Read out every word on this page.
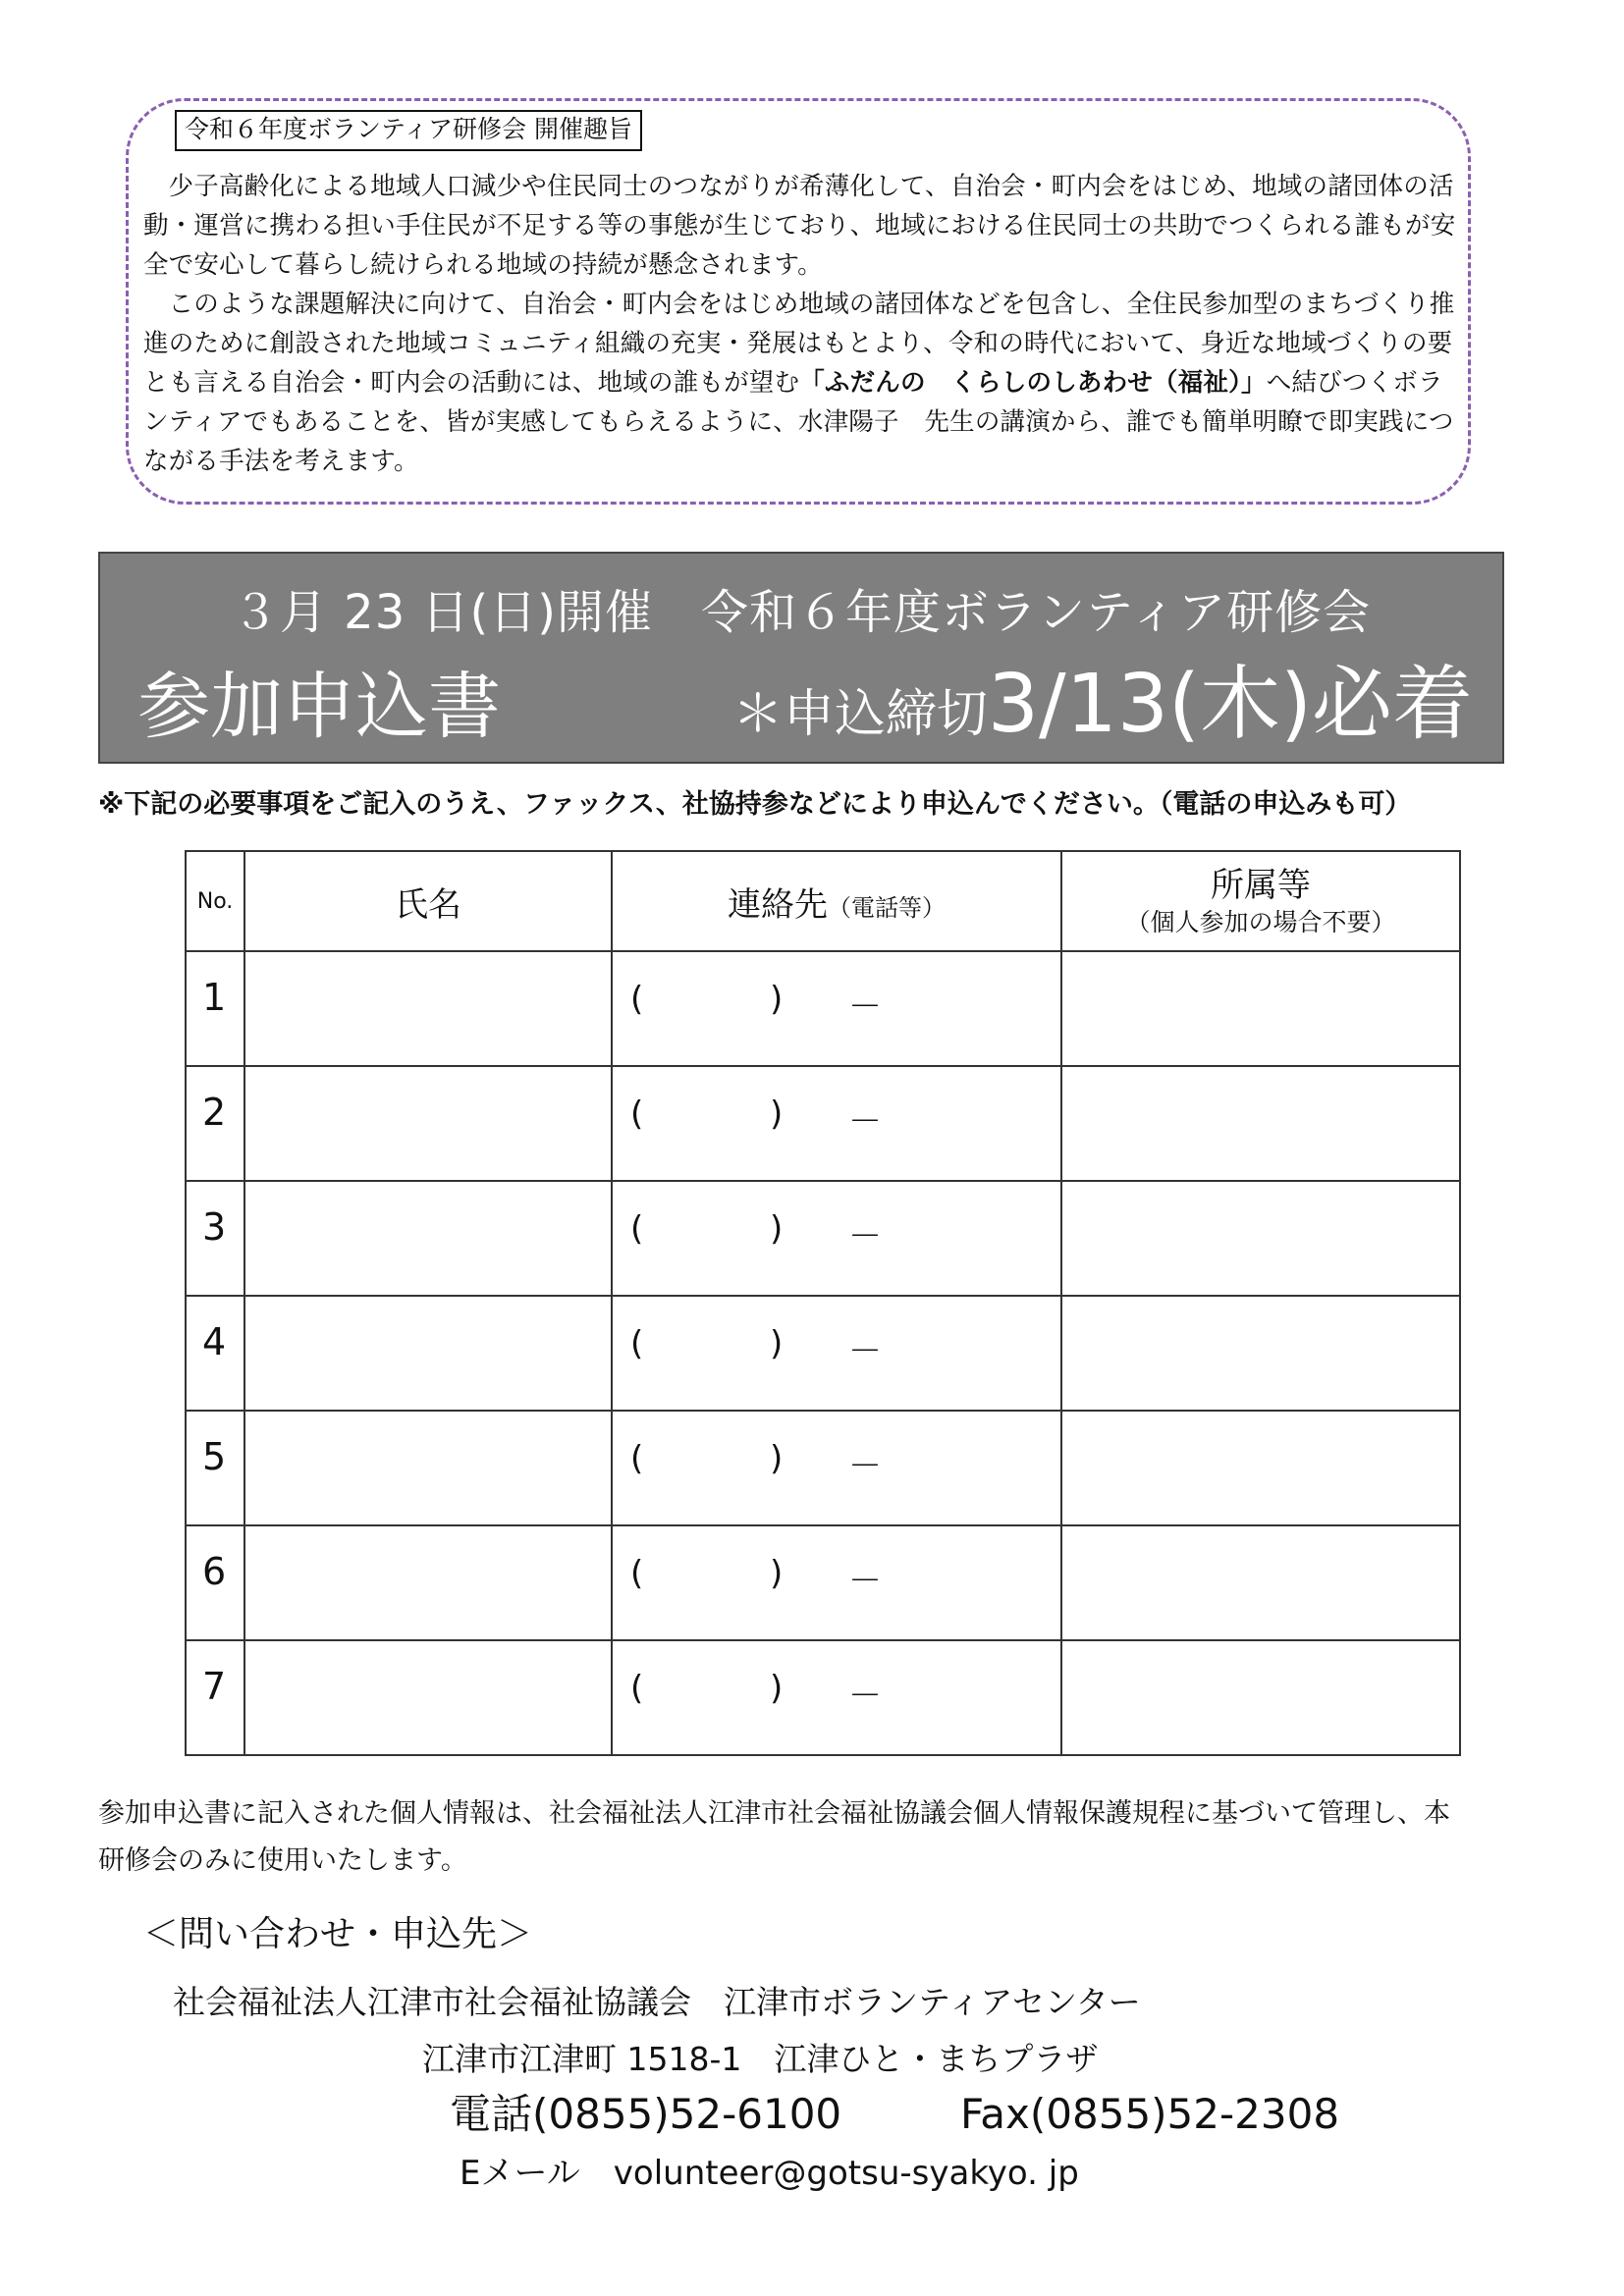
令和６年度ボランティア研修会 開催趣旨

少子高齢化による地域人口減少や住民同士のつながりが希薄化して、自治会・町内会をはじめ、地域の諸団体の活動・運営に携わる担い手住民が不足する等の事態が生じており、地域における住民同士の共助でつくられる誰もが安全で安心して暮らし続けられる地域の持続が懸念されます。

このような課題解決に向けて、自治会・町内会をはじめ地域の諸団体などを包含し、全住民参加型のまちづくり推進のために創設された地域コミュニティ組織の充実・発展はもとより、令和の時代において、身近な地域づくりの要とも言える自治会・町内会の活動には、地域の誰もが望む「ふだんの　くらしのしあわせ（福祉）」へ結びつくボランティアでもあることを、皆が実感してもらえるように、水津陽子　先生の講演から、誰でも簡単明瞭で即実践につながる手法を考えます。

３月 23 日(日)開催　令和６年度ボランティア研修会
参加申込書	＊申込締切3/13(木)必着
※下記の必要事項をご記入のうえ、ファックス、社協持参などにより申込んでください。（電話の申込みも可）
No.	氏名	連絡先（電話等）	所属等
（個人参加の場合不要）

1		( ) －	

2		( ) －	

3		( ) －	

4		( ) －	

5		( ) －	

6		( ) －	

7		( ) －	

参加申込書に記入された個人情報は、社会福祉法人江津市社会福祉協議会個人情報保護規程に基づいて管理し、本研修会のみに使用いたします。
＜問い合わせ・申込先＞
社会福祉法人江津市社会福祉協議会　江津市ボランティアセンター
江津市江津町 1518-1　江津ひと・まちプラザ
電話(0855)52-6100	Fax(0855)52-2308
Eメール　volunteer@gotsu-syakyo. jp
